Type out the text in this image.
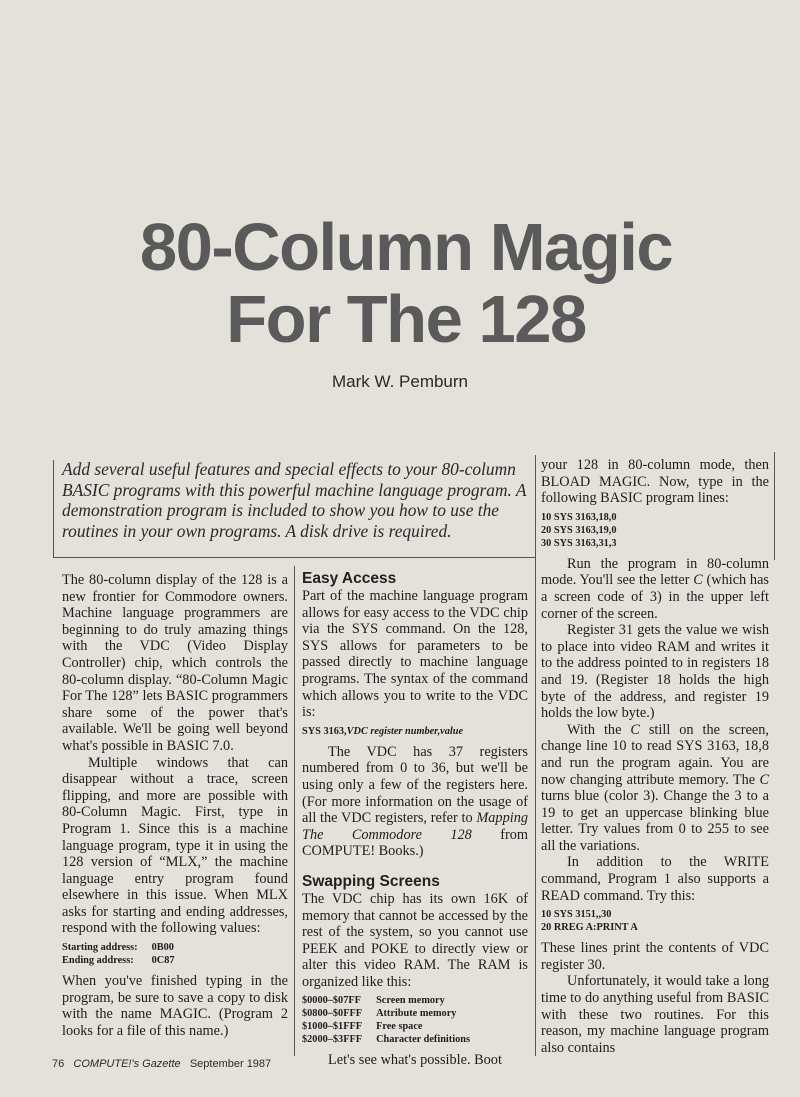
80-Column Magic
For The 128
Mark W. Pemburn
Add several useful features and special effects to your 80-column BASIC programs with this powerful machine language program. A demonstration program is included to show you how to use the routines in your own programs. A disk drive is required.

The 80-column display of the 128 is a new frontier for Commodore owners. Machine language programmers are beginning to do truly amazing things with the VDC (Video Display Controller) chip, which controls the 80-column display. “80-Column Magic For The 128” lets BASIC programmers share some of the power that's available. We'll be going well beyond what's possible in BASIC 7.0.

Multiple windows that can disappear without a trace, screen flipping, and more are possible with 80-Column Magic. First, type in Program 1. Since this is a machine language program, type it in using the 128 version of “MLX,” the machine language entry program found elsewhere in this issue. When MLX asks for starting and ending addresses, respond with the following values:

Starting address:	0B00
Ending address:	0C87

When you've finished typing in the program, be sure to save a copy to disk with the name MAGIC. (Program 2 looks for a file of this name.)

Easy Access

Part of the machine language program allows for easy access to the VDC chip via the SYS command. On the 128, SYS allows for parameters to be passed directly to machine language programs. The syntax of the command which allows you to write to the VDC is:

SYS 3163,VDC register number,value

The VDC has 37 registers numbered from 0 to 36, but we'll be using only a few of the registers here. (For more information on the usage of all the VDC registers, refer to Mapping The Commodore 128 from COMPUTE! Books.)

Swapping Screens

The VDC chip has its own 16K of memory that cannot be accessed by the rest of the system, so you cannot use PEEK and POKE to directly view or alter this video RAM. The RAM is organized like this:

$0000–$07FF	Screen memory
$0800–$0FFF	Attribute memory
$1000–$1FFF	Free space
$2000–$3FFF	Character definitions

Let's see what's possible. Boot

your 128 in 80-column mode, then BLOAD MAGIC. Now, type in the following BASIC program lines:

10 SYS 3163,18,0
20 SYS 3163,19,0
30 SYS 3163,31,3

Run the program in 80-column mode. You'll see the letter C (which has a screen code of 3) in the upper left corner of the screen.

Register 31 gets the value we wish to place into video RAM and writes it to the address pointed to in registers 18 and 19. (Register 18 holds the high byte of the address, and register 19 holds the low byte.)

With the C still on the screen, change line 10 to read SYS 3163, 18,8 and run the program again. You are now changing attribute memory. The C turns blue (color 3). Change the 3 to a 19 to get an uppercase blinking blue letter. Try values from 0 to 255 to see all the variations.

In addition to the WRITE command, Program 1 also supports a READ command. Try this:

10 SYS 3151,,30
20 RREG A:PRINT A

These lines print the contents of VDC register 30.

Unfortunately, it would take a long time to do anything useful from BASIC with these two routines. For this reason, my machine language program also contains

76 COMPUTE!'s Gazette September 1987
